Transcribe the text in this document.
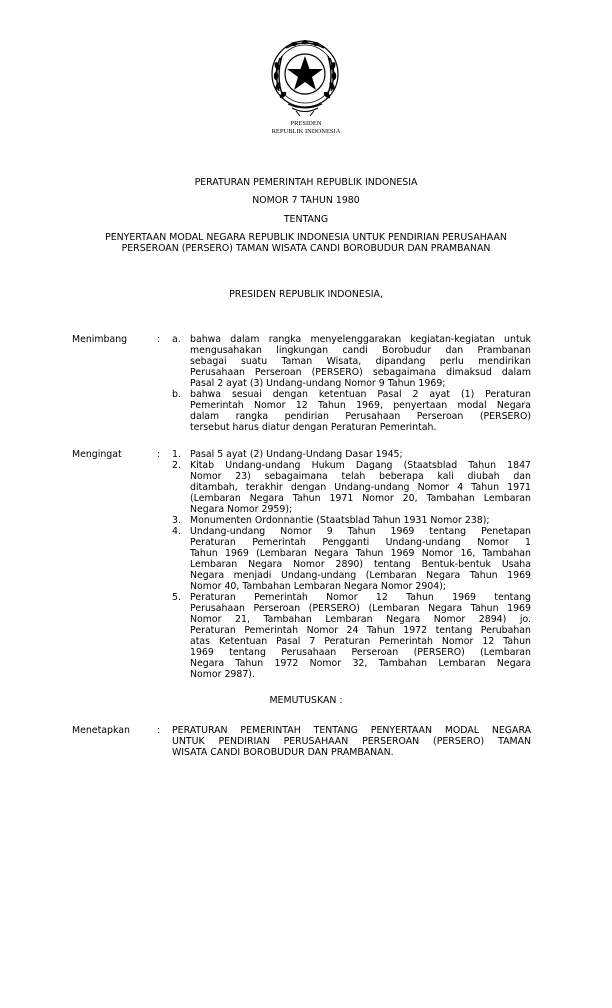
PRESIDEN
REPUBLIK INDONESIA
PERATURAN PEMERINTAH REPUBLIK INDONESIA
NOMOR 7 TAHUN 1980
TENTANG
PENYERTAAN MODAL NEGARA REPUBLIK INDONESIA UNTUK PENDIRIAN PERUSAHAAN
PERSEROAN (PERSERO) TAMAN WISATA CANDI BOROBUDUR DAN PRAMBANAN
PRESIDEN REPUBLIK INDONESIA,
Menimbang	: a. bahwa dalam rangka menyelenggarakan kegiatan-kegiatan untuk
mengusahakan lingkungan candi Borobudur dan Prambanan
sebagai suatu Taman Wisata, dipandang perlu mendirikan
Perusahaan Perseroan (PERSERO) sebagaimana dimaksud dalam
Pasal 2 ayat (3) Undang-undang Nomor 9 Tahun 1969;
b. bahwa sesuai dengan ketentuan Pasal 2 ayat (1) Peraturan
Pemerintah Nomor 12 Tahun 1969, penyertaan modal Negara
dalam rangka pendirian Perusahaan Perseroan (PERSERO)
tersebut harus diatur dengan Peraturan Pemerintah.
Mengingat	: 1. Pasal 5 ayat (2) Undang-Undang Dasar 1945;
2. Kitab Undang-undang Hukum Dagang (Staatsblad Tahun 1847
Nomor 23) sebagaimana telah beberapa kali diubah dan
ditambah, terakhir dengan Undang-undang Nomor 4 Tahun 1971
(Lembaran Negara Tahun 1971 Nomor 20, Tambahan Lembaran
Negara Nomor 2959);
3. Monumenten Ordonnantie (Staatsblad Tahun 1931 Nomor 238);
4. Undang-undang Nomor 9 Tahun 1969 tentang Penetapan
Peraturan Pemerintah Pengganti Undang-undang Nomor 1
Tahun 1969 (Lembaran Negara Tahun 1969 Nomor 16, Tambahan
Lembaran Negara Nomor 2890) tentang Bentuk-bentuk Usaha
Negara menjadi Undang-undang (Lembaran Negara Tahun 1969
Nomor 40, Tambahan Lembaran Negara Nomor 2904);
5. Peraturan Pemerintah Nomor 12 Tahun 1969 tentang
Perusahaan Perseroan (PERSERO) (Lembaran Negara Tahun 1969
Nomor 21, Tambahan Lembaran Negara Nomor 2894) jo.
Peraturan Pemerintah Nomor 24 Tahun 1972 tentang Perubahan
atas Ketentuan Pasal 7 Peraturan Pemerintah Nomor 12 Tahun
1969 tentang Perusahaan Perseroan (PERSERO) (Lembaran
Negara Tahun 1972 Nomor 32, Tambahan Lembaran Negara
Nomor 2987).
MEMUTUSKAN :
Menetapkan	: PERATURAN PEMERINTAH TENTANG PENYERTAAN MODAL NEGARA
UNTUK PENDIRIAN PERUSAHAAN PERSEROAN (PERSERO) TAMAN
WISATA CANDI BOROBUDUR DAN PRAMBANAN.
